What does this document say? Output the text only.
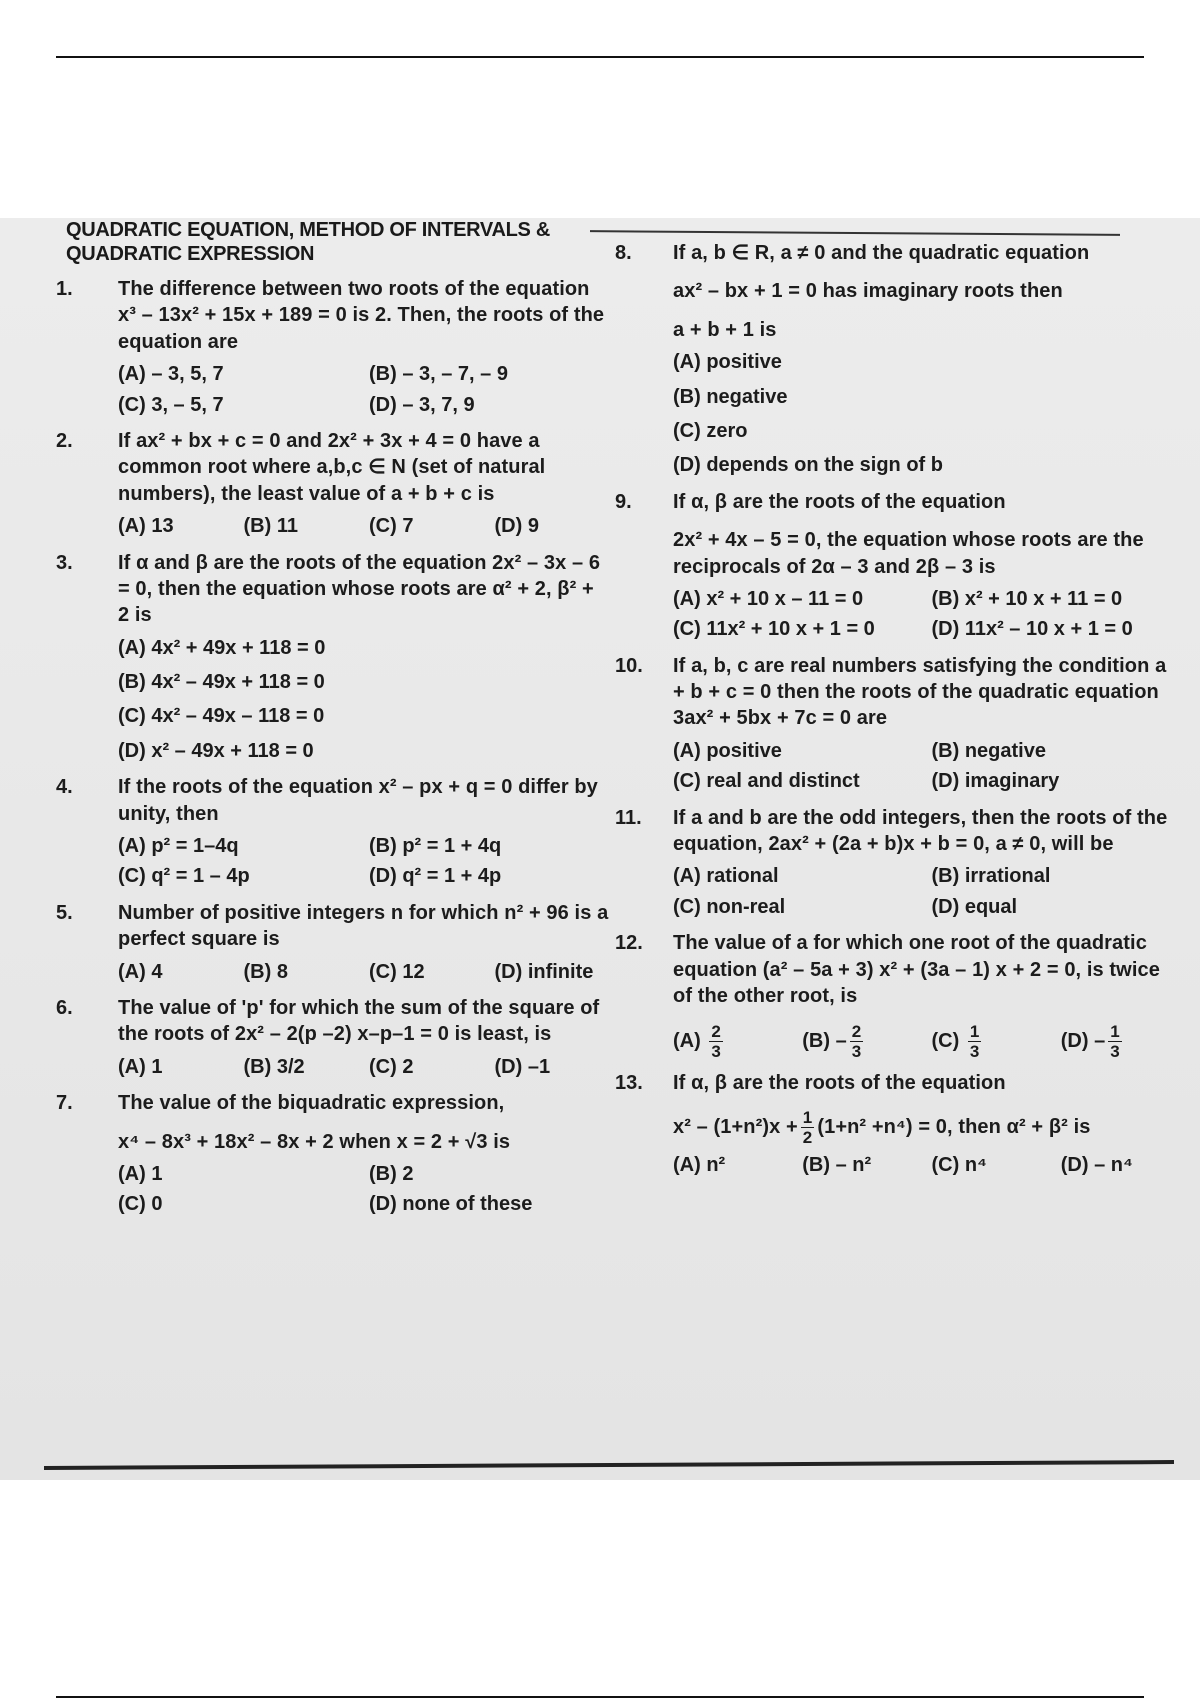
QUADRATIC EQUATION, METHOD OF INTERVALS & QUADRATIC EXPRESSION
1. The difference between two roots of the equation x³ – 13x² + 15x + 189 = 0 is 2. Then, the roots of the equation are
(A) – 3, 5, 7	(B) – 3, – 7, – 9
(C) 3, – 5, 7	(D) – 3, 7, 9
2. If ax² + bx + c = 0 and 2x² + 3x + 4 = 0 have a common root where a,b,c ∈ N (set of natural numbers), the least value of a + b + c is
(A) 13	(B) 11	(C) 7	(D) 9
3. If α and β are the roots of the equation 2x² – 3x – 6 = 0, then the equation whose roots are α² + 2, β² + 2 is
(A) 4x² + 49x + 118 = 0
(B) 4x² – 49x + 118 = 0
(C) 4x² – 49x – 118 = 0
(D) x² – 49x + 118 = 0
4. If the roots of the equation x² – px + q = 0 differ by unity, then
(A) p² = 1–4q	(B) p² = 1 + 4q
(C) q² = 1 – 4p	(D) q² = 1 + 4p
5. Number of positive integers n for which n² + 96 is a perfect square is
(A) 4	(B) 8	(C) 12	(D) infinite
6. The value of 'p' for which the sum of the square of the roots of 2x² – 2(p –2) x–p–1 = 0 is least, is
(A) 1	(B) 3/2	(C) 2	(D) –1
7. The value of the biquadratic expression,
x⁴ – 8x³ + 18x² – 8x + 2 when x = 2 + √3 is
(A) 1	(B) 2
(C) 0	(D) none of these
8. If a, b ∈ R, a ≠ 0 and the quadratic equation
ax² – bx + 1 = 0 has imaginary roots then
a + b + 1 is
(A) positive
(B) negative
(C) zero
(D) depends on the sign of b
9. If α, β are the roots of the equation
2x² + 4x – 5 = 0, the equation whose roots are the reciprocals of 2α – 3 and 2β – 3 is
(A) x² + 10 x – 11 = 0	(B) x² + 10 x + 11 = 0
(C) 11x² + 10 x + 1 = 0	(D) 11x² – 10 x + 1 = 0
10. If a, b, c are real numbers satisfying the condition a + b + c = 0 then the roots of the quadratic equation 3ax² + 5bx + 7c = 0 are
(A) positive	(B) negative
(C) real and distinct	(D) imaginary
11. If a and b are the odd integers, then the roots of the equation, 2ax² + (2a + b)x + b = 0, a ≠ 0, will be
(A) rational	(B) irrational
(C) non-real	(D) equal
12. The value of a for which one root of the quadratic equation (a² – 5a + 3) x² + (3a – 1) x + 2 = 0, is twice of the other root, is
$(A) \frac{2}{3}$	$(B) - \frac{2}{3}$	$(C) \frac{1}{3}$	$(D) - \frac{1}{3}$
13. If α, β are the roots of the equation
$x^2 - (1+n^2)x + \frac{1}{2} (1+n^2 +n^4) = 0$, then α² + β² is
(A) n²	(B) – n²	(C) n⁴	(D) – n⁴
